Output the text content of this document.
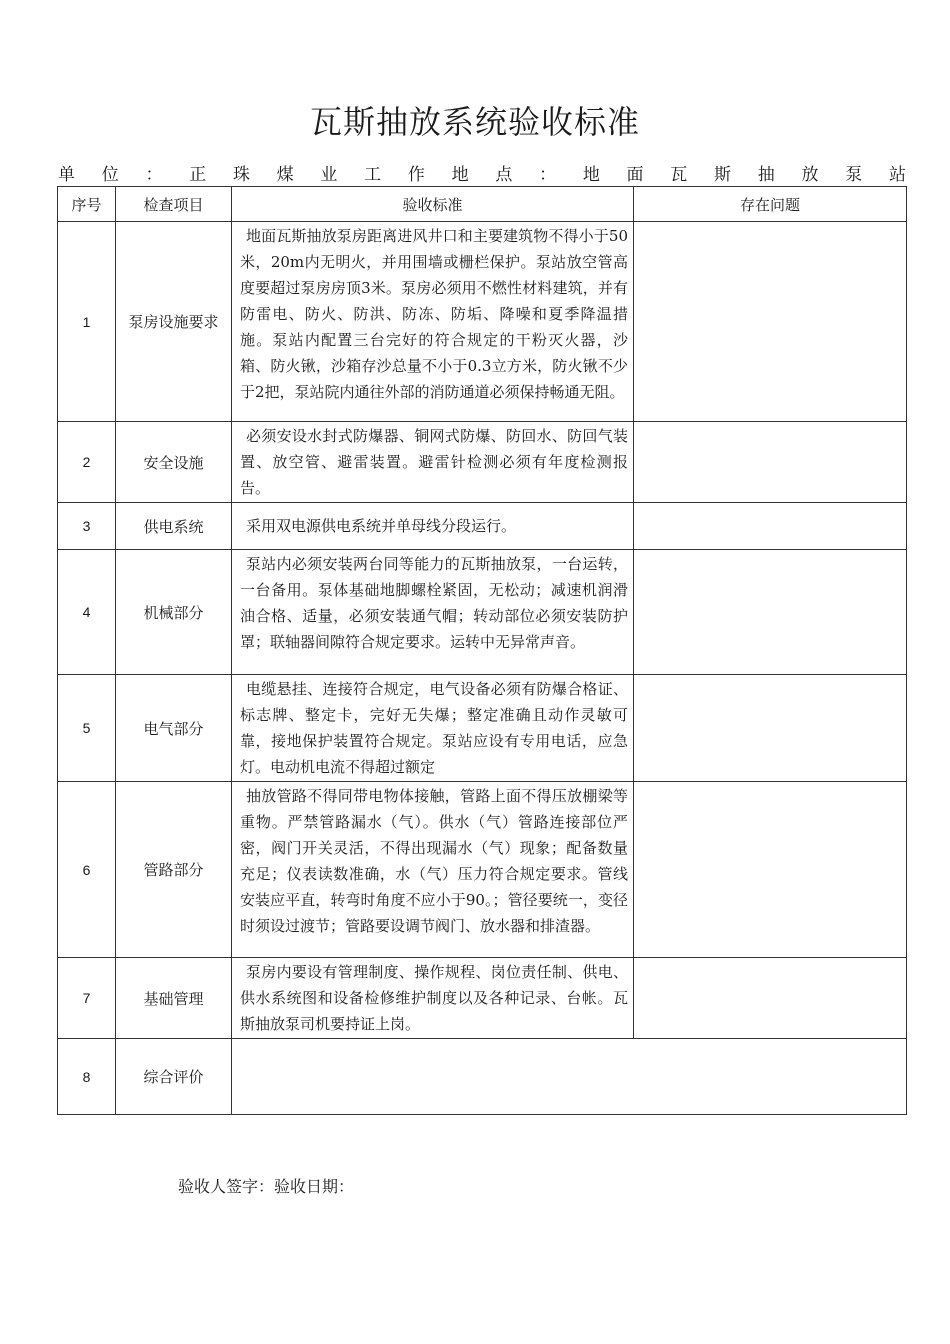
瓦斯抽放系统验收标准
单 位 ： 正 珠 煤 业 工 作 地 点 ： 地 面 瓦 斯 抽 放 泵 站
序号	检查项目	验收标准	存在问题
1	泵房设施要求	地面瓦斯抽放泵房距离进风井口和主要建筑物不得小于50米，20m内无明火，并用围墙或栅栏保护。泵站放空管高度要超过泵房房顶3米。泵房必须用不燃性材料建筑，并有防雷电、防火、防洪、防冻、防垢、降噪和夏季降温措施。泵站内配置三台完好的符合规定的干粉灭火器，沙箱、防火锹，沙箱存沙总量不小于0.3立方米，防火锹不少于2把，泵站院内通往外部的消防通道必须保持畅通无阻。	
2	安全设施	必须安设水封式防爆器、铜网式防爆、防回水、防回气装置、放空管、避雷装置。避雷针检测必须有年度检测报告。	
3	供电系统	采用双电源供电系统并单母线分段运行。	
4	机械部分	泵站内必须安装两台同等能力的瓦斯抽放泵，一台运转，一台备用。泵体基础地脚螺栓紧固，无松动；减速机润滑油合格、适量，必须安装通气帽；转动部位必须安装防护罩；联轴器间隙符合规定要求。运转中无异常声音。	
5	电气部分	电缆悬挂、连接符合规定，电气设备必须有防爆合格证、标志牌、整定卡，完好无失爆；整定准确且动作灵敏可靠，接地保护装置符合规定。泵站应设有专用电话，应急灯。电动机电流不得超过额定	
6	管路部分	抽放管路不得同带电物体接触，管路上面不得压放棚梁等重物。严禁管路漏水（气）。供水（气）管路连接部位严密，阀门开关灵活，不得出现漏水（气）现象；配备数量充足；仪表读数准确，水（气）压力符合规定要求。管线安装应平直，转弯时角度不应小于90。；管径要统一，变径时须设过渡节；管路要设调节阀门、放水器和排渣器。	
7	基础管理	泵房内要设有管理制度、操作规程、岗位责任制、供电、供水系统图和设备检修维护制度以及各种记录、台帐。瓦斯抽放泵司机要持证上岗。	
8	综合评价		
验收人签字：验收日期：
